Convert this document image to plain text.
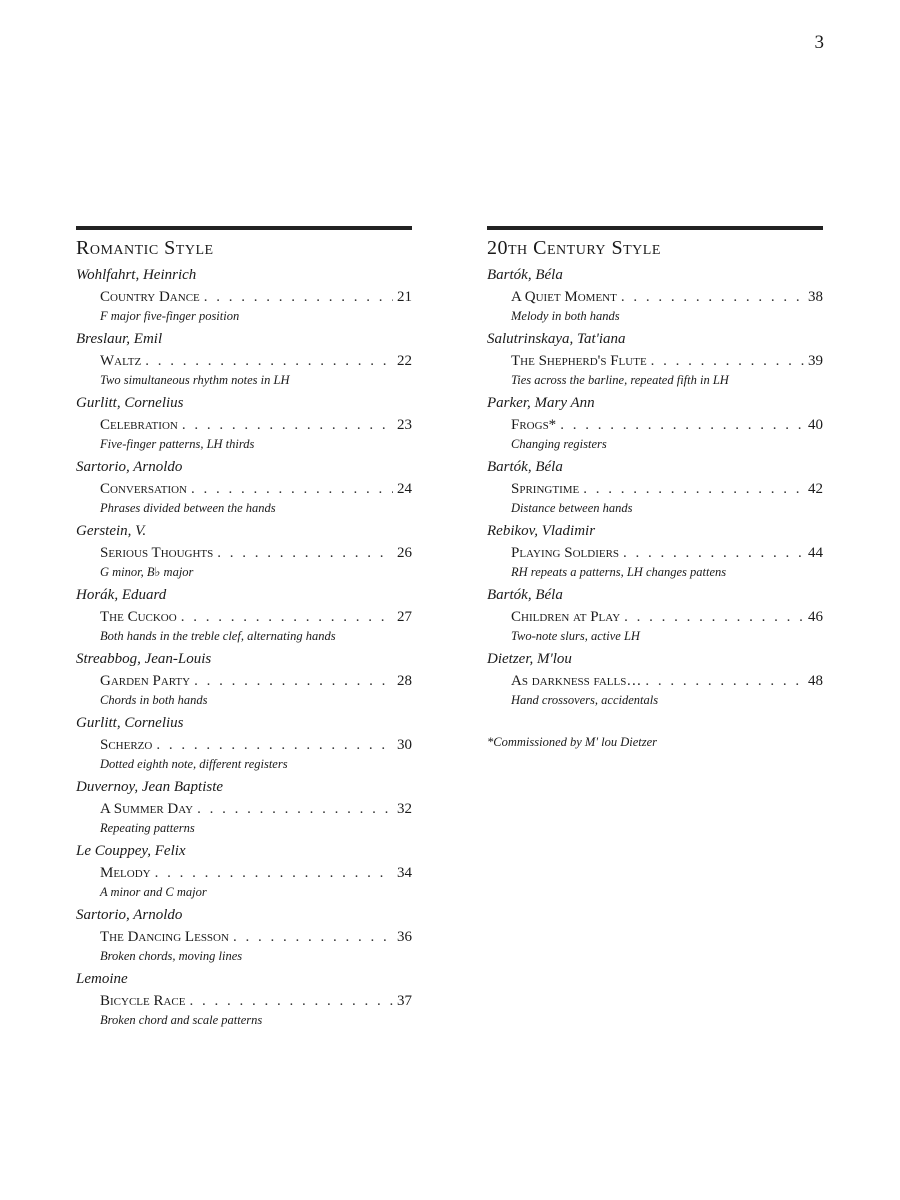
3
Romantic Style
Wohlfahrt, Heinrich
Country Dance . . .	21
F major five-finger position
Breslaur, Emil
Waltz . . .	22
Two simultaneous rhythm notes in LH
Gurlitt, Cornelius
Celebration . . .	23
Five-finger patterns, LH thirds
Sartorio, Arnoldo
Conversation . . .	24
Phrases divided between the hands
Gerstein, V.
Serious Thoughts . . .	26
G minor, B♭ major
Horák, Eduard
The Cuckoo . . .	27
Both hands in the treble clef, alternating hands
Streabbog, Jean-Louis
Garden Party . . .	28
Chords in both hands
Gurlitt, Cornelius
Scherzo . . .	30
Dotted eighth note, different registers
Duvernoy, Jean Baptiste
A Summer Day . . .	32
Repeating patterns
Le Couppey, Felix
Melody . . .	34
A minor and C major
Sartorio, Arnoldo
The Dancing Lesson . . .	36
Broken chords, moving lines
Lemoine
Bicycle Race . . .	37
Broken chord and scale patterns
20th Century Style
Bartók, Béla
A Quiet Moment . . .	38
Melody in both hands
Salutrinskaya, Tat'iana
The Shepherd's Flute . . .	39
Ties across the barline, repeated fifth in LH
Parker, Mary Ann
Frogs* . . .	40
Changing registers
Bartók, Béla
Springtime . . .	42
Distance between hands
Rebikov, Vladimir
Playing Soldiers . . .	44
RH repeats a patterns, LH changes pattens
Bartók, Béla
Children at Play . . .	46
Two-note slurs, active LH
Dietzer, M'lou
As darkness falls… . . .	48
Hand crossovers, accidentals
*Commissioned by M' lou Dietzer
